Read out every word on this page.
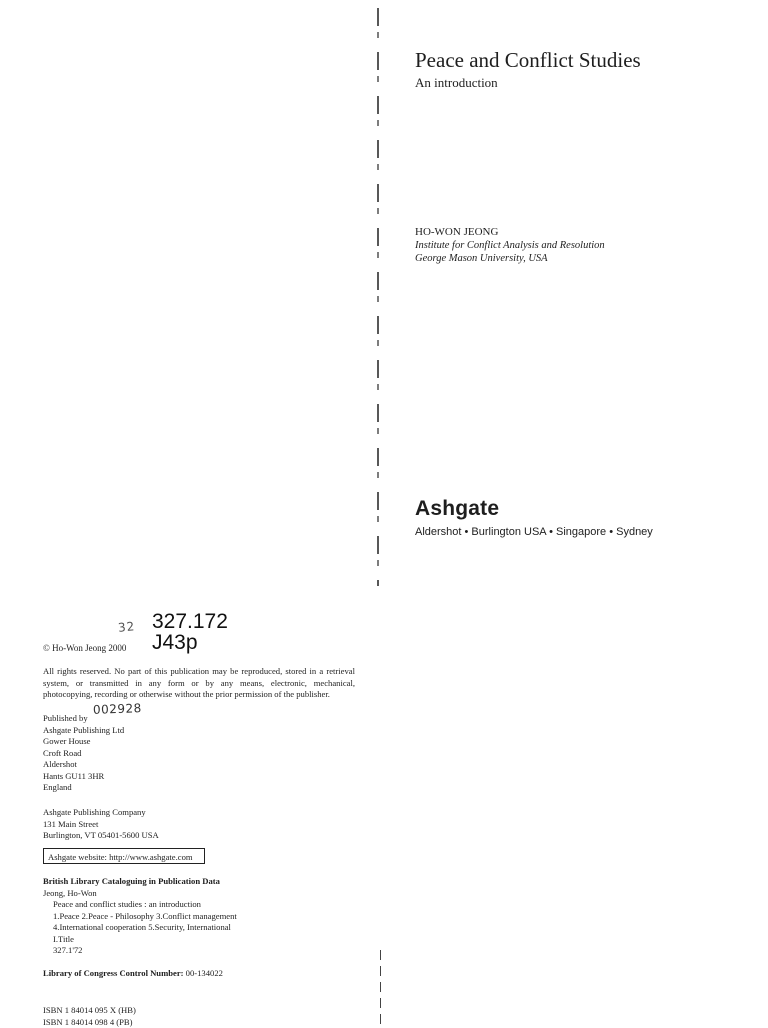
Peace and Conflict Studies
An introduction
HO-WON JEONG
Institute for Conflict Analysis and Resolution
George Mason University, USA
Ashgate
Aldershot • Burlington USA • Singapore • Sydney
32 327.172
J43p
© Ho-Won Jeong 2000
All rights reserved. No part of this publication may be reproduced, stored in a retrieval system, or transmitted in any form or by any means, electronic, mechanical, photocopying, recording or otherwise without the prior permission of the publisher.
002928
Published by
Ashgate Publishing Ltd
Gower House
Croft Road
Aldershot
Hants GU11 3HR
England
Ashgate Publishing Company
131 Main Street
Burlington, VT 05401-5600 USA
Ashgate website: http://www.ashgate.com
British Library Cataloguing in Publication Data
Jeong, Ho-Won
Peace and conflict studies : an introduction
1.Peace 2.Peace - Philosophy 3.Conflict management
4.International cooperation 5.Security, International
I.Title
327.1'72
Library of Congress Control Number: 00-134022
ISBN 1 84014 095 X (HB)
ISBN 1 84014 098 4 (PB)
